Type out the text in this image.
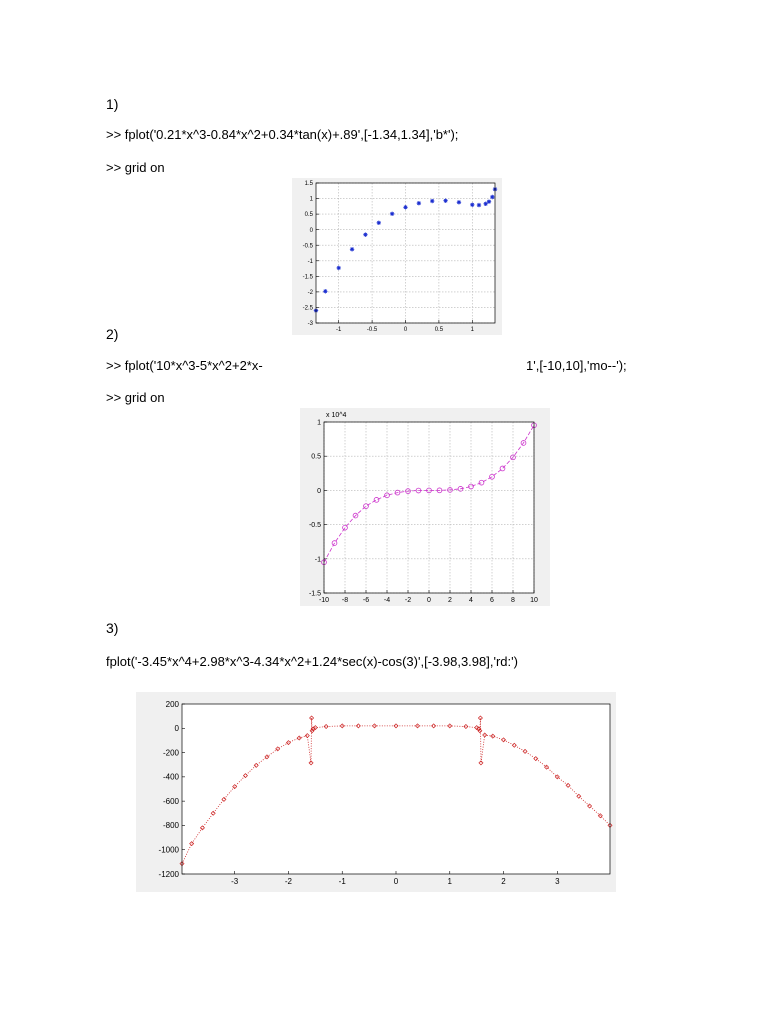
1)
>> fplot('0.21*x^3-0.84*x^2+0.34*tan(x)+.89',[-1.34,1.34],'b*');
>> grid on
-1	-0.5	0	0.5	1
1.5
1
0.5
0
-0.5
-1
-1.5
-2
-2.5
-3
2)
>> fplot('10*x^3-5*x^2+2*x-	1',[-10,10],'mo--');
>> grid on
-10 -8 -6 -4 -2 0 2 4 6 8 10
1
0.5
0
-0.5
-1
-1.5
x 10^4
3)
fplot('-3.45*x^4+2.98*x^3-4.34*x^2+1.24*sec(x)-cos(3)',[-3.98,3.98],'rd:')
-3	-2	-1	0	1	2	3
200
0
-200
-400
-600
-800
-1000
-1200
